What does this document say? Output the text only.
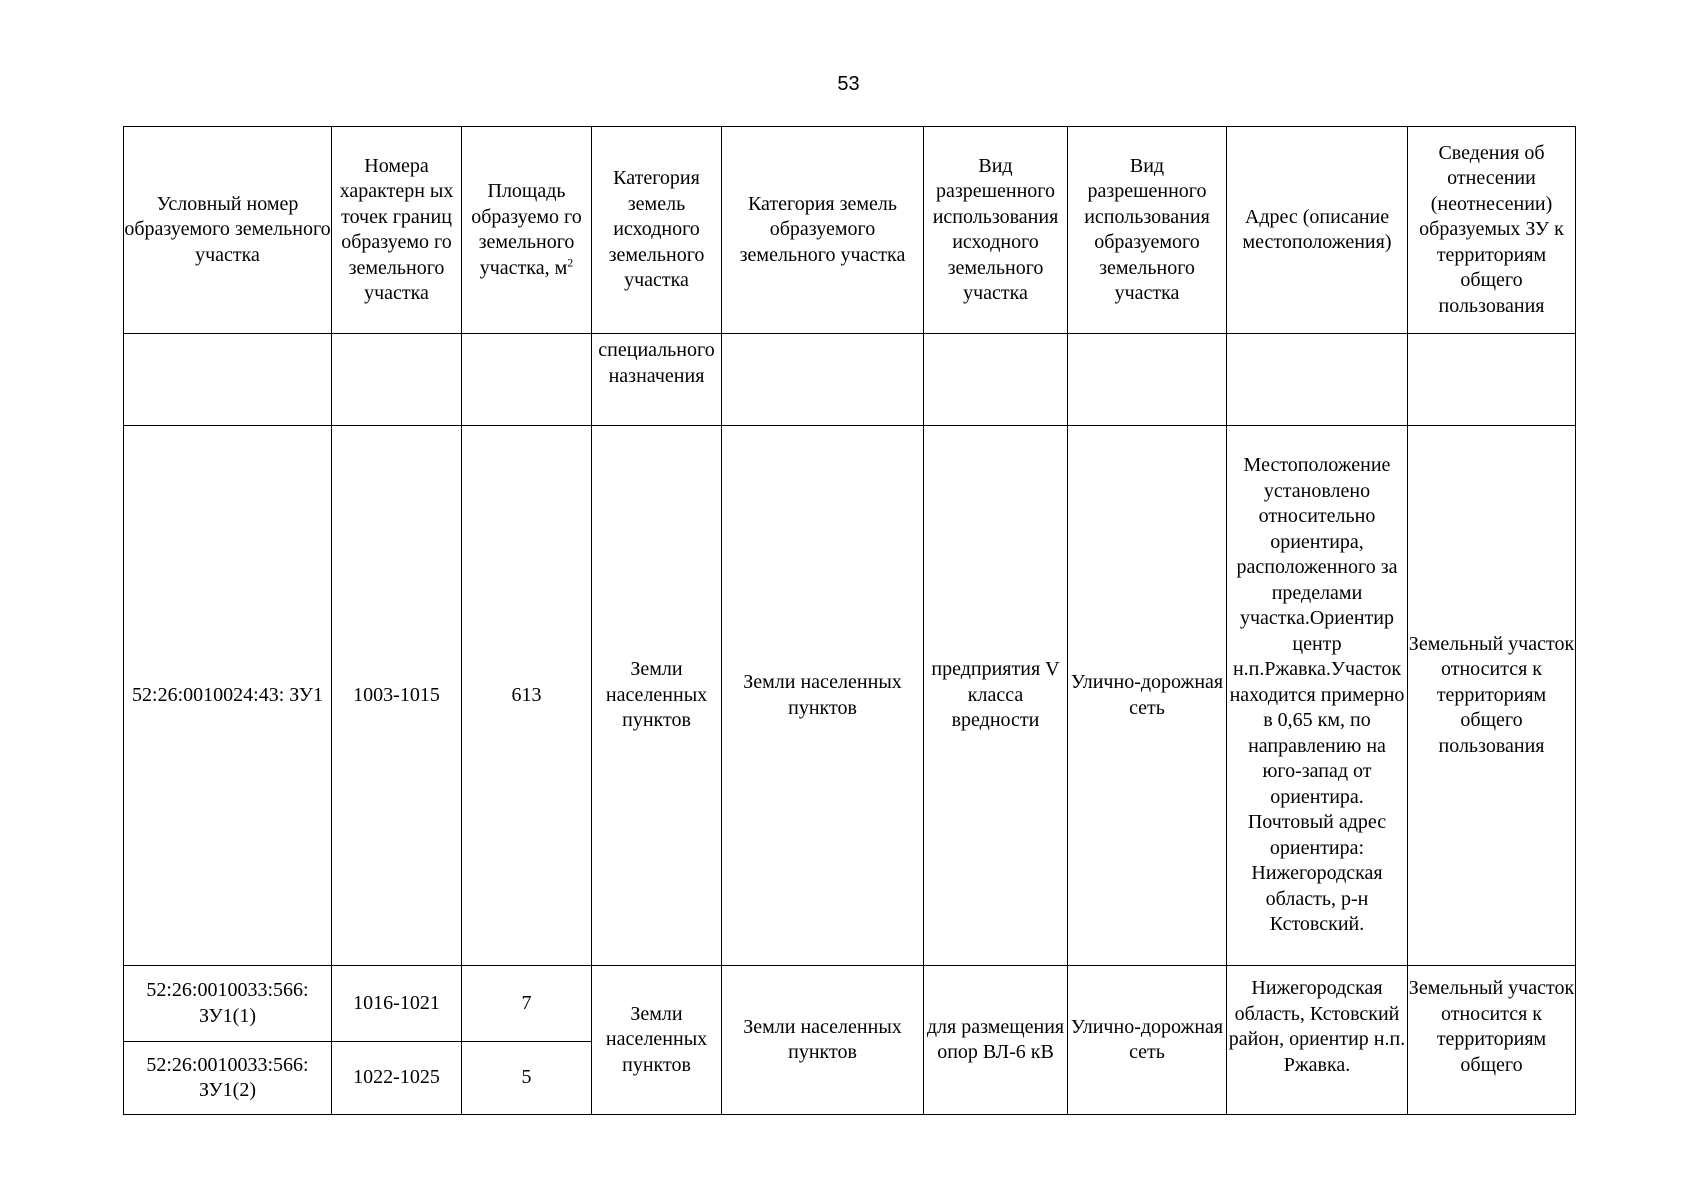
53
Условный номер образуемого земельного участка	Номера характерн ых точек границ образуемо го земельного участка	Площадь образуемо го земельного участка, $м^2$	Категория земель исходного земельного участка	Категория земель образуемого земельного участка	Вид разрешенного использования исходного земельного участка	Вид разрешенного использования образуемого земельного участка	Адрес (описание местоположения)	Сведения об отнесении (неотнесении) образуемых ЗУ к территориям общего пользования
			специального назначения					
52:26:0010024:43: ЗУ1	1003-1015	613	Земли населенных пунктов	Земли населенных пунктов	предприятия V класса вредности	Улично-дорожная сеть	Местоположение установлено относительно ориентира, расположенного за пределами участка.Ориентир центр н.п.Ржавка.Участок находится примерно в 0,65 км, по направлению на юго-запад от ориентира. Почтовый адрес ориентира: Нижегородская область, р-н Кстовский.	Земельный участок относится к территориям общего пользования
52:26:0010033:566: ЗУ1(1)	1016-1021	7	Земли населенных пунктов	Земли населенных пунктов	для размещения опор ВЛ-6 кВ	Улично-дорожная сеть	Нижегородская область, Кстовский район, ориентир н.п. Ржавка.	Земельный участок относится к территориям общего
52:26:0010033:566: ЗУ1(2)	1022-1025	5						
